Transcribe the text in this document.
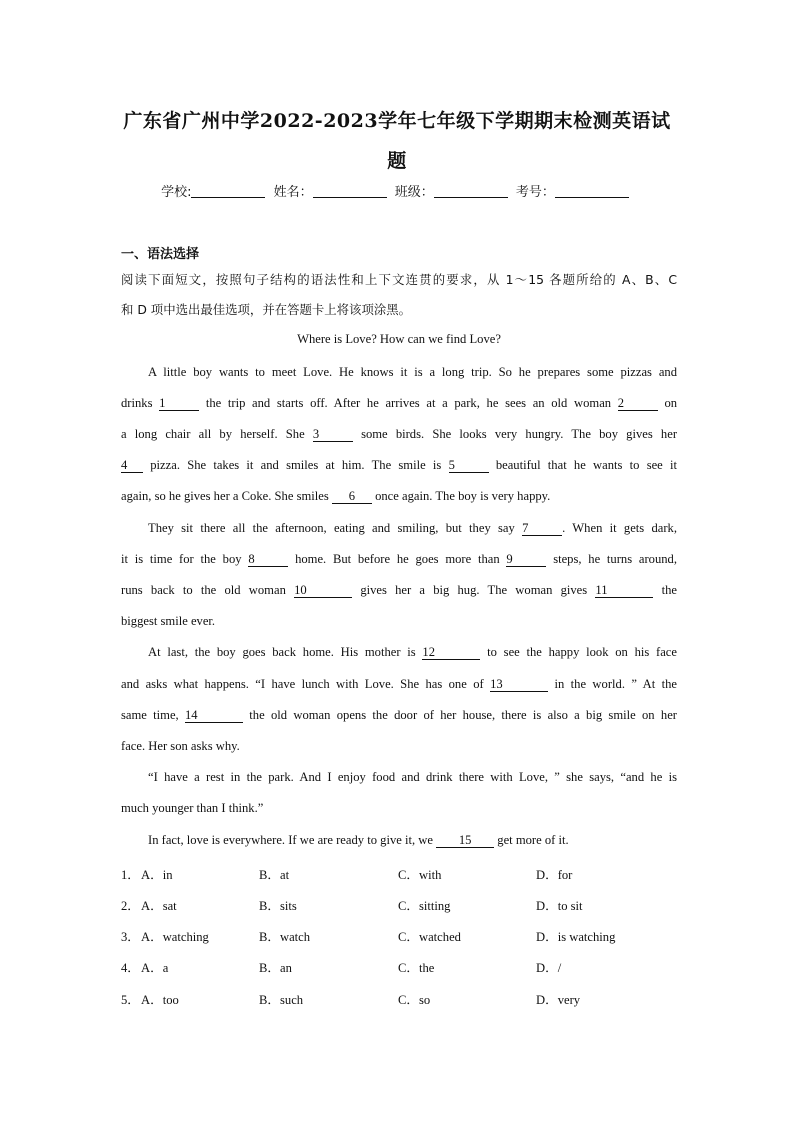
广东省广州中学2022-2023学年七年级下学期期末检测英语试
题
学校:	姓名：	班级：	考号：
一、语法选择
阅读下面短文，按照句子结构的语法性和上下文连贯的要求，从 1～15 各题所给的 A、B、C
和 D 项中选出最佳选项，并在答题卡上将该项涂黑。
Where is Love? How can we find Love?
A little boy wants to meet Love. He knows it is a long trip. So he prepares some pizzas and
drinks 1	the trip and starts off. After he arrives at a park, he sees an old woman 2	on
a long chair all by herself. She 3	some birds. She looks very hungry. The boy gives her
4 pizza. She takes it and smiles at him. The smile is 5	beautiful that he wants to see it
again, so he gives her a Coke. She smiles 6 once again. The boy is very happy.
They sit there all the afternoon, eating and smiling, but they say 7	. When it gets dark,
it is time for the boy 8	home. But before he goes more than 9	steps, he turns around,
runs back to the old woman 10	gives her a big hug. The woman gives 11	the
biggest smile ever.
At last, the boy goes back home. His mother is 12	to see the happy look on his face
and asks what happens. “I have lunch with Love. She has one of 13	in the world. ” At the
same time, 14	the old woman opens the door of her house, there is also a big smile on her
face. Her son asks why.
“I have a rest in the park. And I enjoy food and drink there with Love, ” she says, “and he is
much younger than I think.”
In fact, love is everywhere. If we are ready to give it, we 15 get more of it.
1． A．in	B．at	C．with	D．for
2． A．sat	B．sits	C．sitting	D．to sit
3． A．watching	B．watch	C．watched	D．is watching
4． A．a	B．an	C．the	D．/
5． A．too	B．such	C．so	D．very
